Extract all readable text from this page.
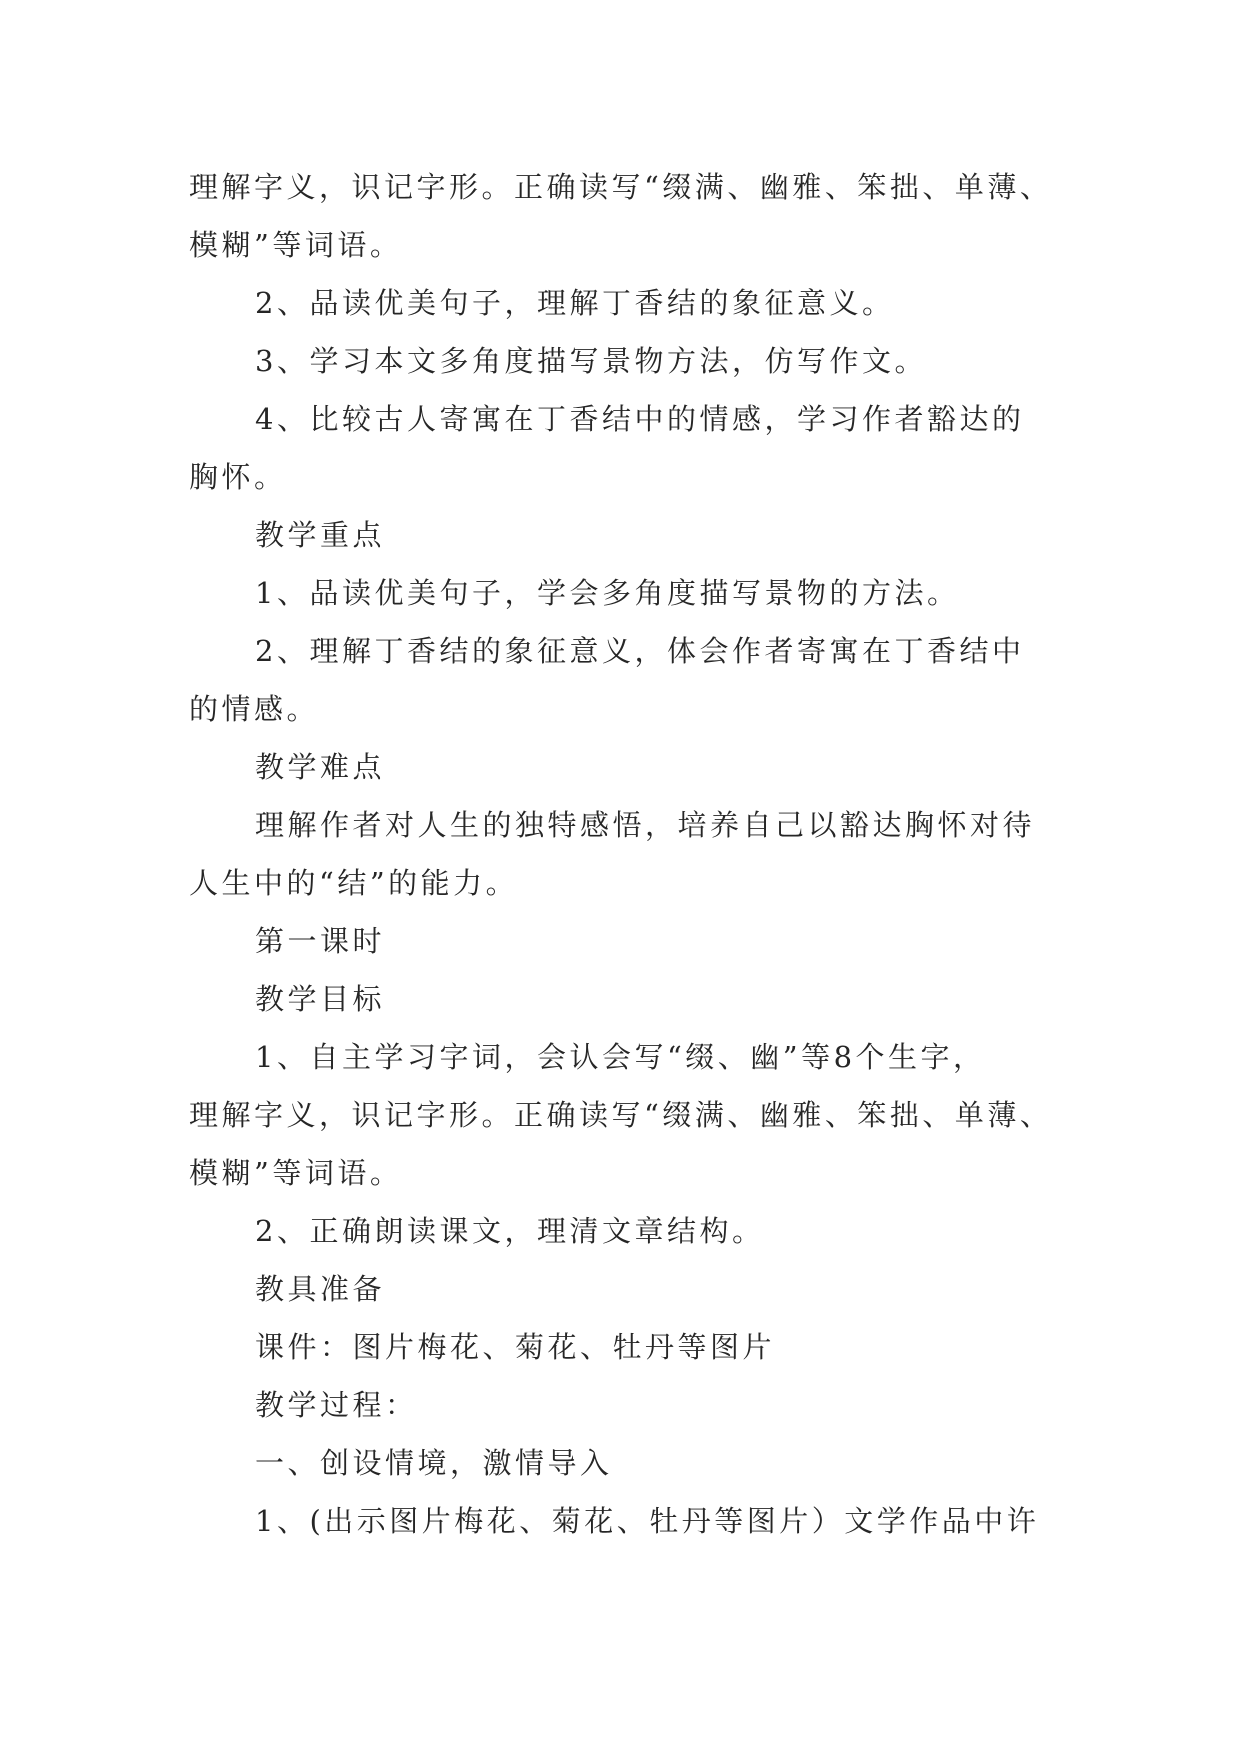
理解字义，识记字形。正确读写“缀满、幽雅、笨拙、单薄、

模糊”等词语。

2、品读优美句子，理解丁香结的象征意义。

3、学习本文多角度描写景物方法，仿写作文。

4、比较古人寄寓在丁香结中的情感，学习作者豁达的

胸怀。

教学重点

1、品读优美句子，学会多角度描写景物的方法。

2、理解丁香结的象征意义，体会作者寄寓在丁香结中

的情感。

教学难点

理解作者对人生的独特感悟，培养自己以豁达胸怀对待

人生中的“结”的能力。

第一课时

教学目标

1、自主学习字词，会认会写“缀、幽”等8个生字，

理解字义，识记字形。正确读写“缀满、幽雅、笨拙、单薄、

模糊”等词语。

2、正确朗读课文，理清文章结构。

教具准备

课件：图片梅花、菊花、牡丹等图片

教学过程：

一、创设情境，激情导入

1、(出示图片梅花、菊花、牡丹等图片）文学作品中许
